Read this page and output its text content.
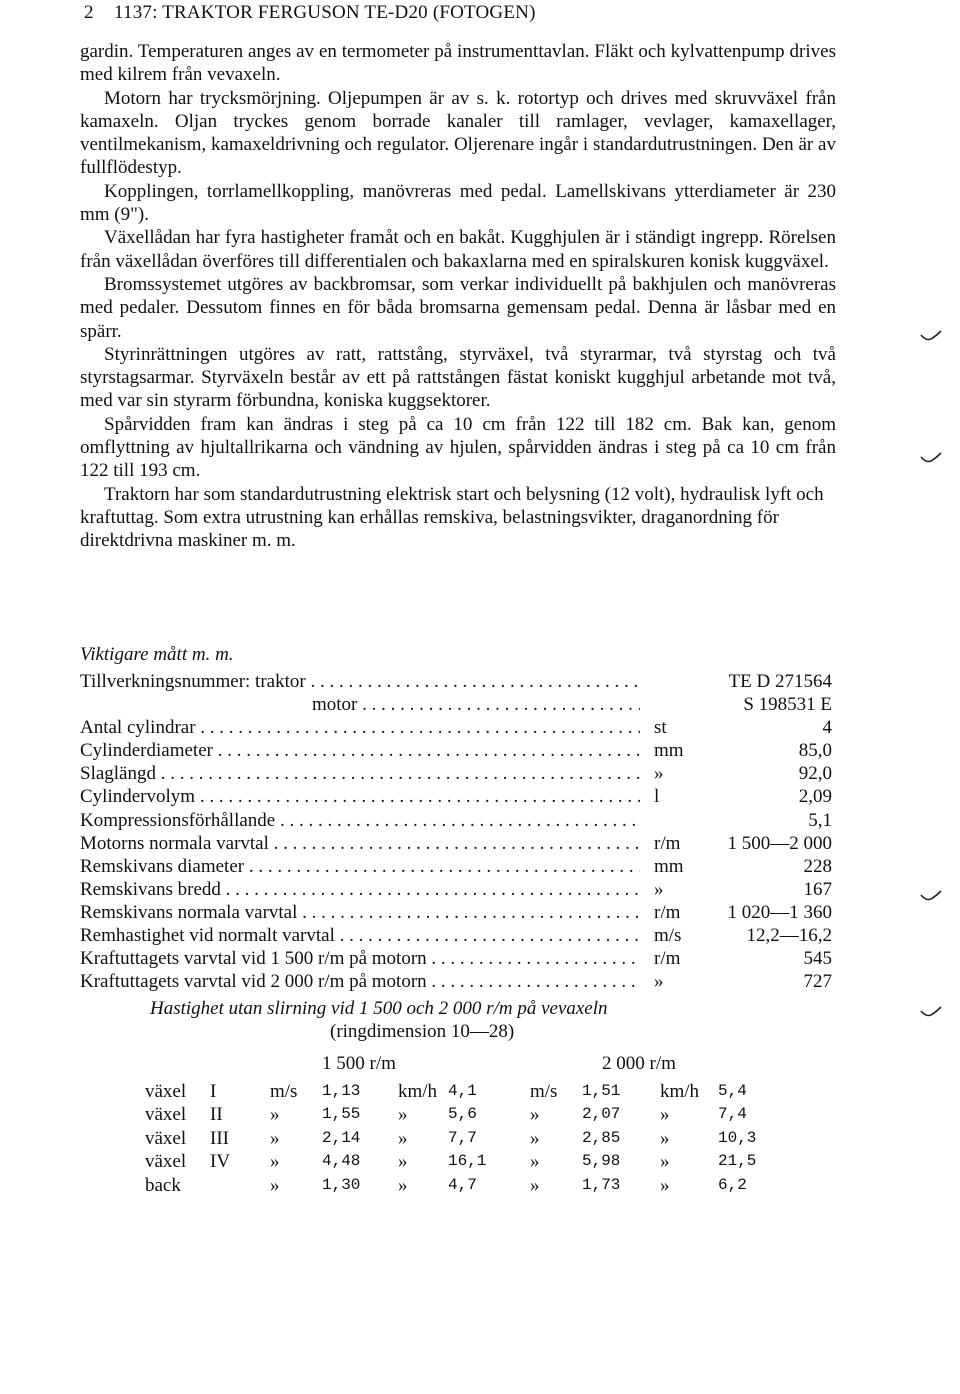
2 1137: TRAKTOR FERGUSON TE-D20 (FOTOGEN)

gardin. Temperaturen anges av en termometer på instrumenttavlan. Fläkt och kylvattenpump drives med kilrem från vevaxeln.

Motorn har trycksmörjning. Oljepumpen är av s. k. rotortyp och drives med skruvväxel från kamaxeln. Oljan tryckes genom borrade kanaler till ramlager, vevlager, kamaxellager, ventilmekanism, kamaxeldrivning och regulator. Oljerenare ingår i standardutrustningen. Den är av fullflödestyp.

Kopplingen, torrlamellkoppling, manövreras med pedal. Lamellskivans ytterdiameter är 230 mm (9").

Växellådan har fyra hastigheter framåt och en bakåt. Kugghjulen är i ständigt ingrepp. Rörelsen från växellådan överföres till differentialen och bakaxlarna med en spiralskuren konisk kuggväxel.

Bromssystemet utgöres av backbromsar, som verkar individuellt på bakhjulen och manövreras med pedaler. Dessutom finnes en för båda bromsarna gemensam pedal. Denna är låsbar med en spärr.

Styrinrättningen utgöres av ratt, rattstång, styrväxel, två styrarmar, två styrstag och två styrstagsarmar. Styrväxeln består av ett på rattstången fästat koniskt kugghjul arbetande mot två, med var sin styrarm förbundna, koniska kuggsektorer.

Spårvidden fram kan ändras i steg på ca 10 cm från 122 till 182 cm. Bak kan, genom omflyttning av hjultallrikarna och vändning av hjulen, spårvidden ändras i steg på ca 10 cm från 122 till 193 cm.

Traktorn har som standardutrustning elektrisk start och belysning (12 volt), hydraulisk lyft och kraftuttag. Som extra utrustning kan erhållas remskiva, belastningsvikter, draganordning för direktdrivna maskiner m. m.

Viktigare mått m. m.
Tillverkningsnummer: traktor . . .	TE D 271564
motor . . .	S 198531 E
Antal cylindrar . . .	st	4
Cylinderdiameter . . .	mm	85,0
Slaglängd . . .	»	92,0
Cylindervolym . . .	l	2,09
Kompressionsförhållande . . .	5,1
Motorns normala varvtal . . .	r/m	1 500—2 000
Remskivans diameter . . .	mm	228
Remskivans bredd . . .	»	167
Remskivans normala varvtal . . .	r/m	1 020—1 360
Remhastighet vid normalt varvtal . . .	m/s	12,2—16,2
Kraftuttagets varvtal vid 1 500 r/m på motorn . . .	r/m	545
Kraftuttagets varvtal vid 2 000 r/m på motorn . . .	»	727
Hastighet utan slirning vid 1 500 och 2 000 r/m på vevaxeln
(ringdimension 10—28)
1 500 r/m	2 000 r/m
växel I	m/s 1,13 km/h 4,1	m/s 1,51 km/h 5,4
växel II »	1,55 »	5,6	»	2,07 »	7,4
växel III »	2,14 »	7,7	»	2,85 »	10,3
växel IV »	4,48 »	16,1 »	5,98 »	21,5
back	»	1,30 »	4,7	»	1,73 »	6,2
